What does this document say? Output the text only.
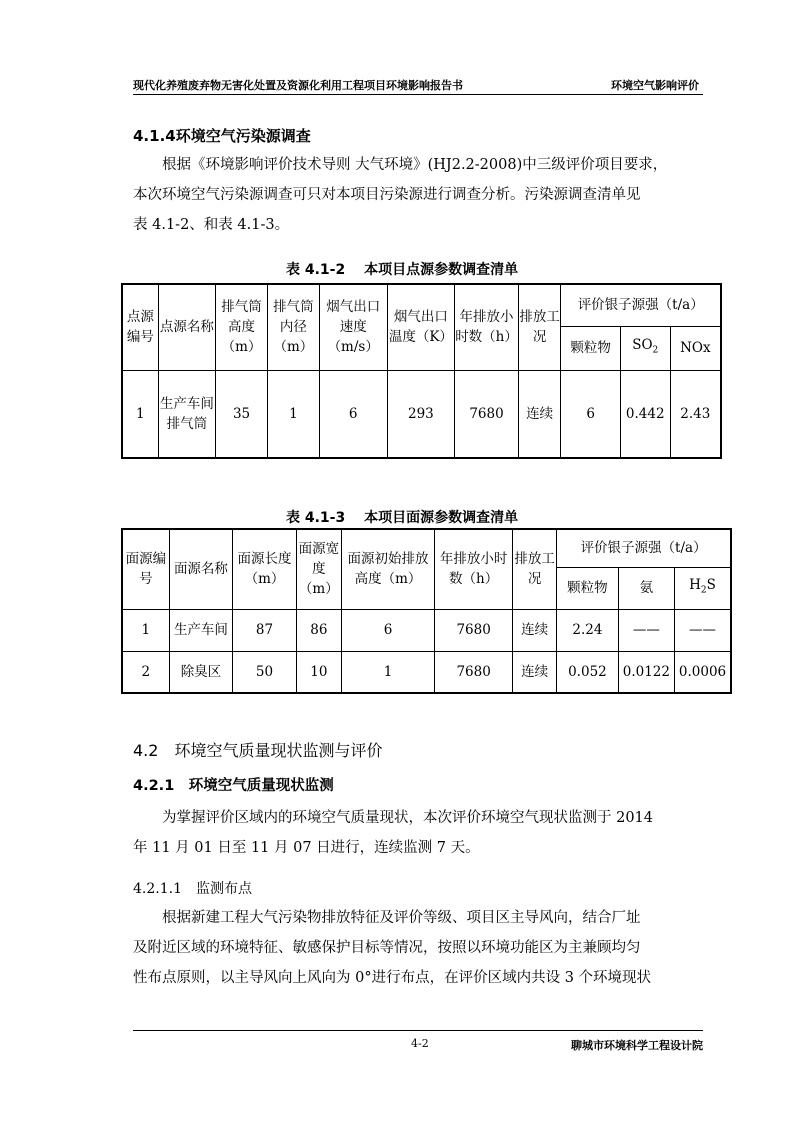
现代化养殖废弃物无害化处置及资源化利用工程项目环境影响报告书	环境空气影响评价
4.1.4环境空气污染源调查
根据《环境影响评价技术导则 大气环境》(HJ2.2-2008)中三级评价项目要求，
本次环境空气污染源调查可只对本项目污染源进行调查分析。污染源调查清单见
表 4.1-2、和表 4.1-3。
表 4.1-2　 本项目点源参数调查清单
点源编号	点源名称	排气筒高度（m）	排气筒内径（m）	烟气出口速度（m/s）	烟气出口温度（K）	年排放小时数（h）	排放工况	评价银子源强（t/a）		
								颗粒物	$SO_2$	NOx
1	生产车间排气筒	35	1	6	293	7680	连续	6	0.442	2.43
表 4.1-3　 本项目面源参数调查清单
面源编号	面源名称	面源长度（m）	面源宽度（m）	面源初始排放高度（m）	年排放小时数（h）	排放工况	评价银子源强（t/a）		
							颗粒物	氨	$H_2S$
1	生产车间	87	86	6	7680	连续	2.24	——	——
2	除臭区	50	10	1	7680	连续	0.052	0.0122	0.0006
4.2　环境空气质量现状监测与评价
4.2.1　环境空气质量现状监测
为掌握评价区域内的环境空气质量现状，本次评价环境空气现状监测于 2014
年 11 月 01 日至 11 月 07 日进行，连续监测 7 天。
4.2.1.1　监测布点
根据新建工程大气污染物排放特征及评价等级、项目区主导风向，结合厂址
及附近区域的环境特征、敏感保护目标等情况，按照以环境功能区为主兼顾均匀
性布点原则，以主导风向上风向为 0°进行布点，在评价区域内共设 3 个环境现状
4-2	聊城市环境科学工程设计院
